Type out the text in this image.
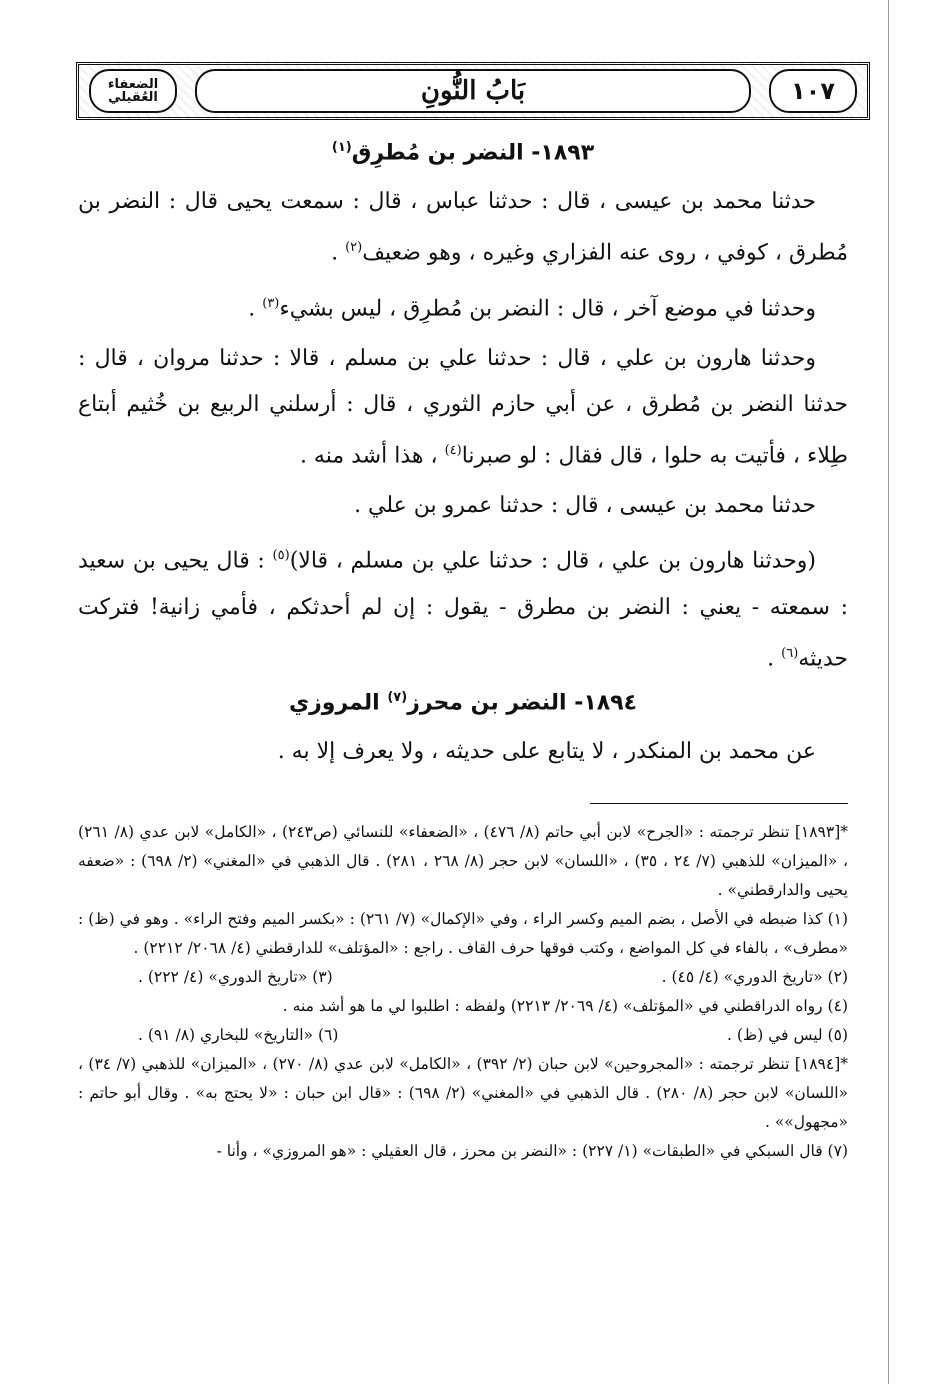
الضعفاء
العُقيلي	بَابُ النُّونِ	١٠٧
١٨٩٣- النضر بن مُطرِق$^{(١)}$

حدثنا محمد بن عيسى ، قال : حدثنا عباس ، قال : سمعت يحيى قال : النضر بن مُطرق ، كوفي ، روى عنه الفزاري وغيره ، وهو ضعيف$^{(٢)}$ .

وحدثنا في موضع آخر ، قال : النضر بن مُطرِق ، ليس بشيء$^{(٣)}$ .

وحدثنا هارون بن علي ، قال : حدثنا علي بن مسلم ، قالا : حدثنا مروان ، قال : حدثنا النضر بن مُطرق ، عن أبي حازم الثوري ، قال : أرسلني الربيع بن خُثيم أبتاع طِلاء ، فأتيت به حلوا ، قال فقال : لو صبرنا$^{(٤)}$ ، هذا أشد منه .

حدثنا محمد بن عيسى ، قال : حدثنا عمرو بن علي .

(وحدثنا هارون بن علي ، قال : حدثنا علي بن مسلم ، قالا)$^{(٥)}$ : قال يحيى بن سعيد : سمعته - يعني : النضر بن مطرق - يقول : إن لم أحدثكم ، فأمي زانية! فتركت حديثه$^{(٦)}$ .

١٨٩٤- النضر بن محرز$^{(٧)}$ المروزي

عن محمد بن المنكدر ، لا يتابع على حديثه ، ولا يعرف إلا به .

*[١٨٩٣] تنظر ترجمته : «الجرح» لابن أبي حاتم (٨/ ٤٧٦) ، «الضعفاء» للنسائي (ص٢٤٣) ، «الكامل» لابن عدي (٨/ ٢٦١) ، «الميزان» للذهبي (٧/ ٢٤ ، ٣٥) ، «اللسان» لابن حجر (٨/ ٢٦٨ ، ٢٨١) . قال الذهبي في «المغني» (٢/ ٦٩٨) : «ضعفه يحيى والدارقطني» .

(١) كذا ضبطه في الأصل ، بضم الميم وكسر الراء ، وفي «الإكمال» (٧/ ٢٦١) : «بكسر الميم وفتح الراء» . وهو في (ظ) : «مطرف» ، بالفاء في كل المواضع ، وكتب فوقها حرف القاف . راجع : «المؤتلف» للدارقطني (٤/ ٢٠٦٨/ ٢٢١٢) .

(٢) «تاريخ الدوري» (٤/ ٤٥) .
(٣) «تاريخ الدوري» (٤/ ٢٢٢) .

(٤) رواه الدراقطني في «المؤتلف» (٤/ ٢٠٦٩/ ٢٢١٣) ولفظه : اطلبوا لي ما هو أشد منه .

(٥) ليس في (ظ) .
(٦) «التاريخ» للبخاري (٨/ ٩١) .

*[١٨٩٤] تنظر ترجمته : «المجروحين» لابن حبان (٢/ ٣٩٢) ، «الكامل» لابن عدي (٨/ ٢٧٠) ، «الميزان» للذهبي (٧/ ٣٤) ، «اللسان» لابن حجر (٨/ ٢٨٠) . قال الذهبي في «المغني» (٢/ ٦٩٨) : «قال ابن حبان : «لا يحتج به» . وقال أبو حاتم : «مجهول»» .

(٧) قال السبكي في «الطبقات» (١/ ٢٢٧) : «النضر بن محرز ، قال العقيلي : «هو المروزي» ، وأنا -
